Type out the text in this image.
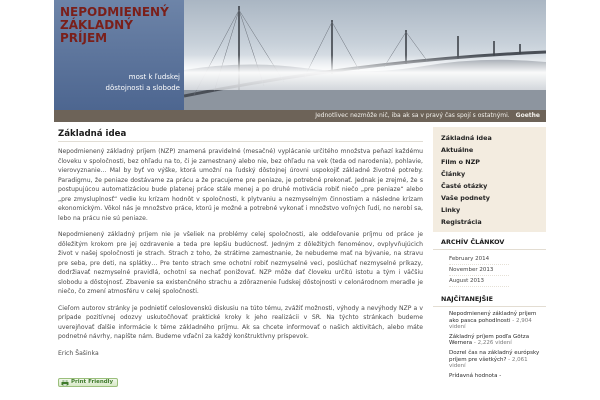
NEPODMIENENÝ
ZÁKLADNÝ
PRÍJEM
most k ľudskej
dôstojnosti a slobode
Jednotlivec nezmôže nič, iba ak sa v pravý čas spojí s ostatnými. Goethe
Základná idea

Nepodmienený základný príjem (NZP) znamená pravidelné (mesačné) vyplácanie určitého množstva peňazí každému človeku v spoločnosti, bez ohľadu na to, či je zamestnaný alebo nie, bez ohľadu na vek (teda od narodenia), pohlavie, vierovyznanie… Mal by byť vo výške, ktorá umožní na ľudský dôstojnej úrovni uspokojiť základné životné potreby. Paradigmu, že peniaze dostávame za prácu a že pracujeme pre peniaze, je potrebné prekonať. Jednak je zrejmé, že s postupujúcou automatizáciou bude platenej práce stále menej a po druhé motivácia robiť niečo „pre peniaze“ alebo „pre zmysluplnosť“ vedie ku krízam hodnôt v spoločnosti, k plytvaniu a nezmyselným činnostiam a následne krízam ekonomickým. Vôkol nás je množstvo práce, ktorú je možné a potrebné vykonať i množstvo voľných ľudí, no nerobí sa, lebo na prácu nie sú peniaze.

Nepodmienený základný príjem nie je všeliek na problémy celej spoločnosti, ale oddeľovanie príjmu od práce je dôležitým krokom pre jej ozdravenie a teda pre lepšiu budúcnosť. Jedným z dôležitých fenoménov, ovplyvňujúcich život v našej spoločnosti je strach. Strach z toho, že strátime zamestnanie, že nebudeme mať na bývanie, na stravu pre seba, pre deti, na splátky… Pre tento strach sme ochotní robiť nezmyselné veci, poslúchať nezmyselné príkazy, dodržiavať nezmyselné pravidlá, ochotní sa nechať ponižovať. NZP môže dať človeku určitú istotu a tým i väčšiu slobodu a dôstojnosť. Zbavenie sa existenčného strachu a zdôraznenie ľudskej dôstojnosti v celonárodnom meradle je niečo, čo zmení atmosféru v celej spoločnosti.

Cieľom autorov stránky je podnietiť celoslovenskú diskusiu na túto tému, zvážiť možnosti, výhody a nevýhody NZP a v prípade pozitívnej odozvy uskutočňovať praktické kroky k jeho realizácii v SR. Na týchto stránkach budeme uverejňovať ďalšie informácie k téme základného príjmu. Ak sa chcete informovať o našich aktivitách, alebo máte podnetné návrhy, napíšte nám. Budeme vďační za každý konštruktívny príspevok.

Erich Šašinka
Print Friendly
Základná idea
Aktuálne
Film o NZP
Články
Časté otázky
Vaše podnety
Linky
Registrácia
ARCHÍV ČLÁNKOV
February 2014
November 2013
August 2013
NAJČÍTANEJŠIE
Nepodmienený základný príjem ako pasca pohodlnosti - 2,904 videní
Základný príjem podľa Götza Wernera - 2,226 videní
Dozrel čas na základný európsky príjem pre všetkých? - 2,061 videní
Prídavná hodnota -
